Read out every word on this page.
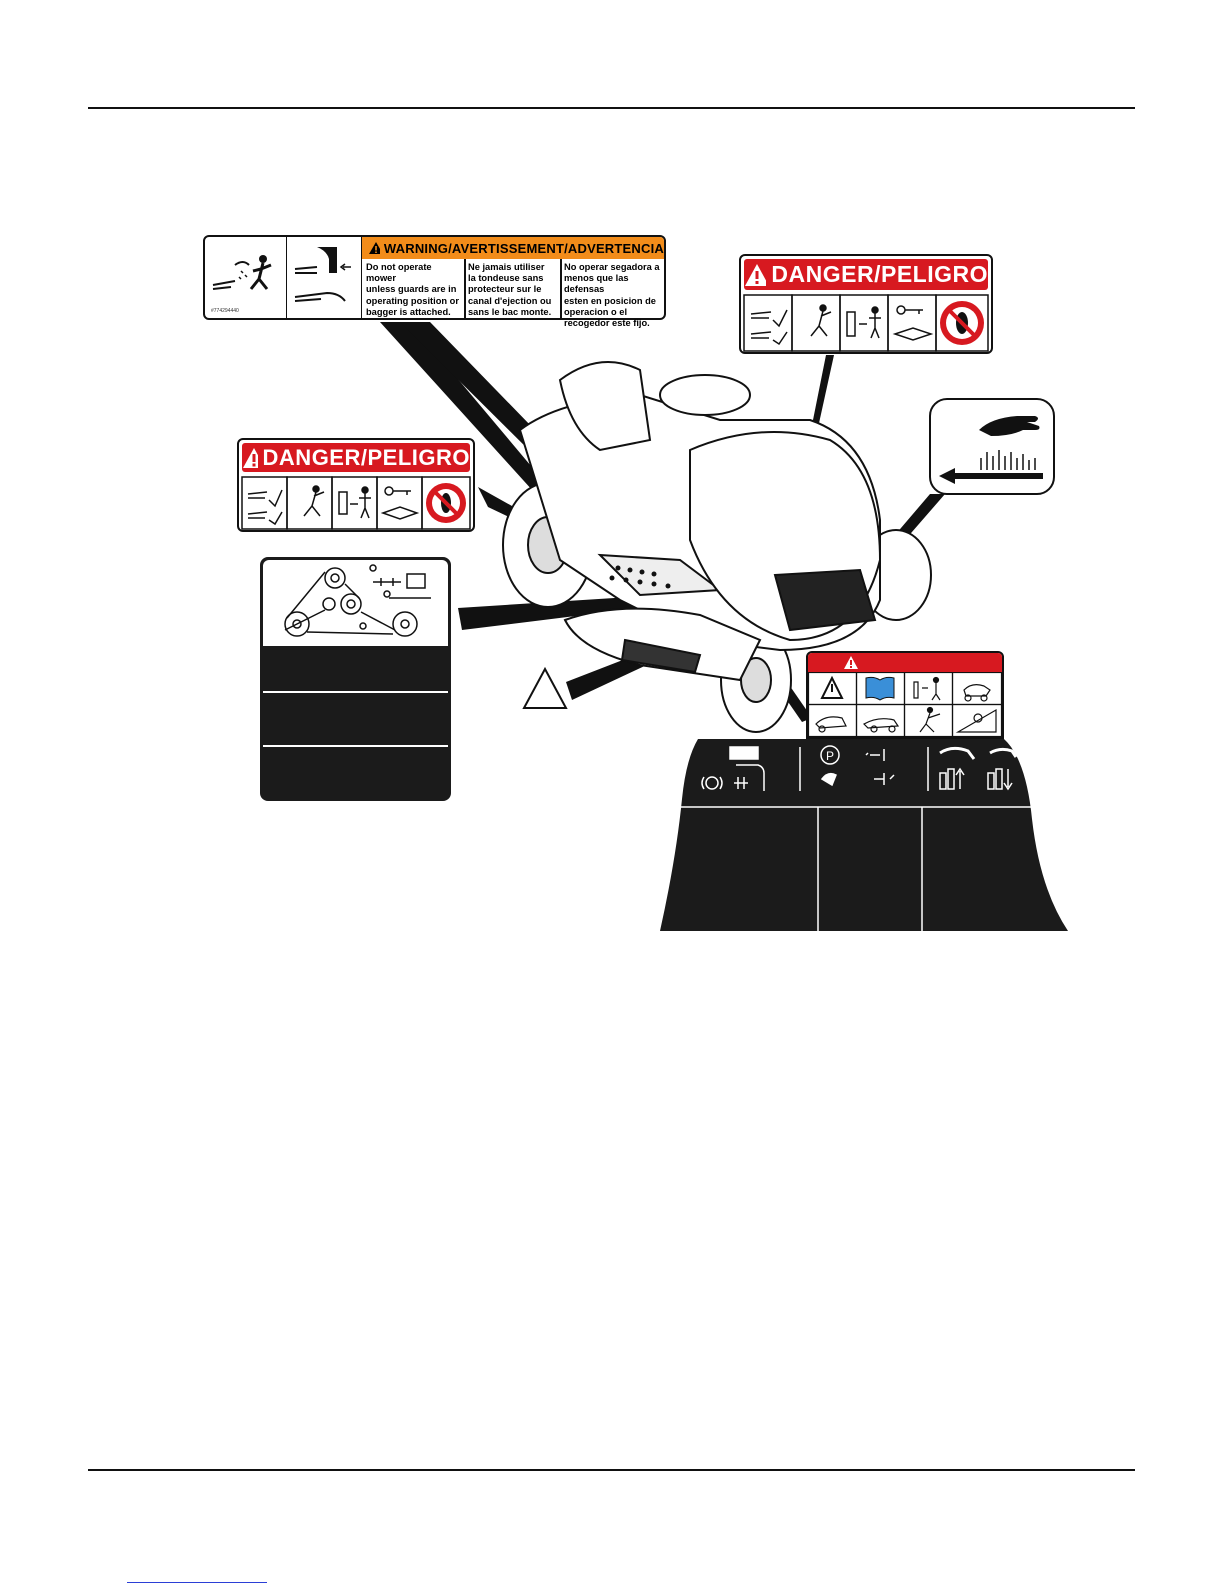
#774294440
WARNING/AVERTISSEMENT/ADVERTENCIA
Do not operate mower
unless guards are in
operating position or
bagger is attached.
Ne jamais utiliser
la tondeuse sans
protecteur sur le
canal d'ejection ou
sans le bac monte.
No operar segadora a
menos que las defensas
esten en posicion de
operacion o el
recogedor este fijo.
DANGER/PELIGRO
DANGER/PELIGRO
P
